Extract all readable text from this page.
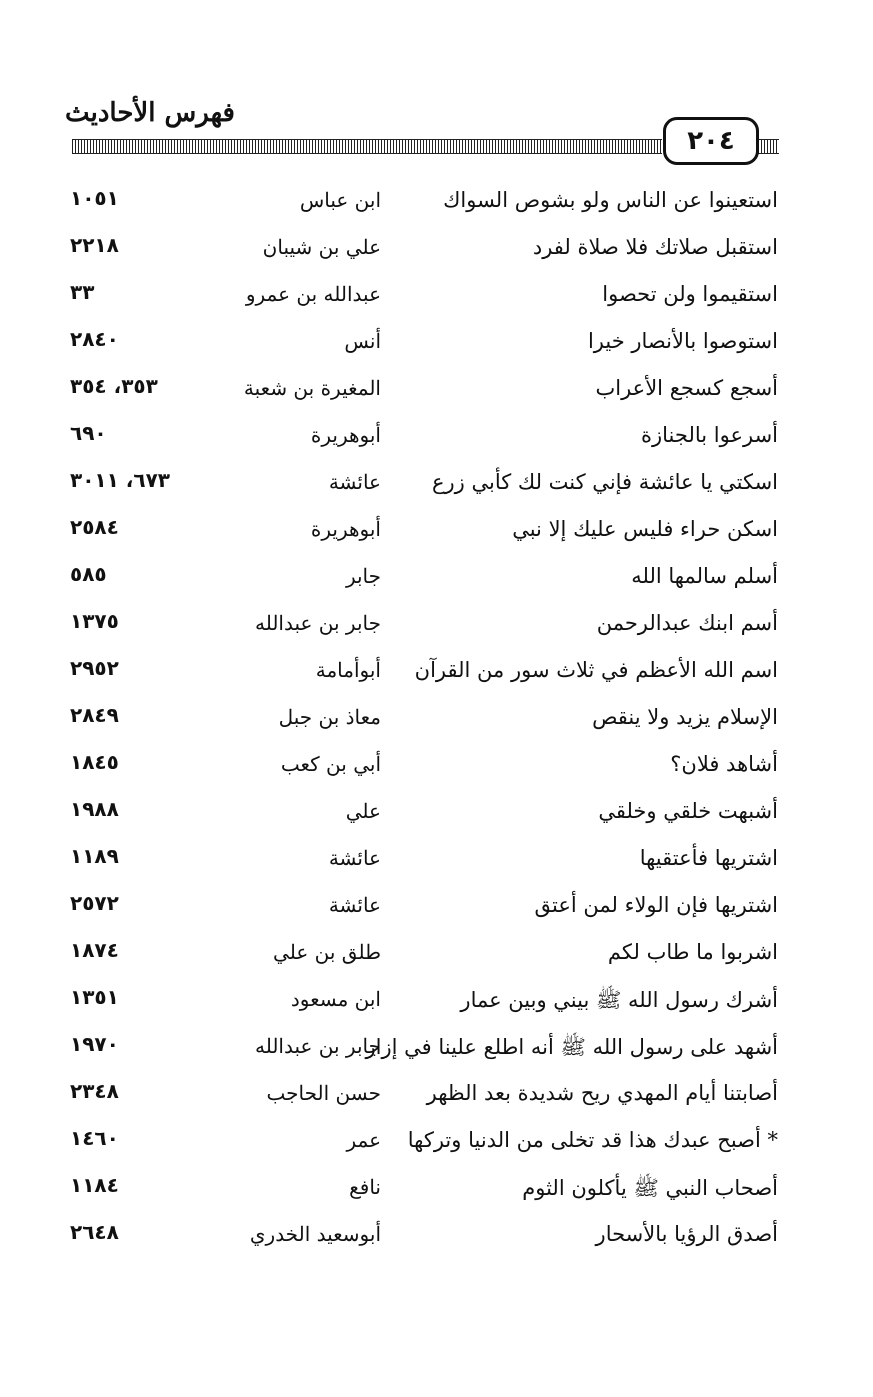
فهرس الأحاديث
٢٠٤
استعينوا عن الناس ولو بشوص السواك
ابن عباس
١٠٥١
استقبل صلاتك فلا صلاة لفرد
علي بن شيبان
٢٢١٨
استقيموا ولن تحصوا
عبدالله بن عمرو
٣٣
استوصوا بالأنصار خيرا
أنس
٢٨٤٠
أسجع كسجع الأعراب
المغيرة بن شعبة
٣٥٣، ٣٥٤
أسرعوا بالجنازة
أبوهريرة
٦٩٠
اسكتي يا عائشة فإني كنت لك كأبي زرع
عائشة
٦٧٣، ٣٠١١
اسكن حراء فليس عليك إلا نبي
أبوهريرة
٢٥٨٤
أسلم سالمها الله
جابر
٥٨٥
أسم ابنك عبدالرحمن
جابر بن عبدالله
١٣٧٥
اسم الله الأعظم في ثلاث سور من القرآن
أبوأمامة
٢٩٥٢
الإسلام يزيد ولا ينقص
معاذ بن جبل
٢٨٤٩
أشاهد فلان؟
أبي بن كعب
١٨٤٥
أشبهت خلقي وخلقي
علي
١٩٨٨
اشتريها فأعتقيها
عائشة
١١٨٩
اشتريها فإن الولاء لمن أعتق
عائشة
٢٥٧٢
اشربوا ما طاب لكم
طلق بن علي
١٨٧٤
أشرك رسول الله ﷺ بيني وبين عمار
ابن مسعود
١٣٥١
أشهد على رسول الله ﷺ أنه اطلع علينا في إزار
جابر بن عبدالله
١٩٧٠
أصابتنا أيام المهدي ريح شديدة بعد الظهر
حسن الحاجب
٢٣٤٨
* أصبح عبدك هذا قد تخلى من الدنيا وتركها
عمر
١٤٦٠
أصحاب النبي ﷺ يأكلون الثوم
نافع
١١٨٤
أصدق الرؤيا بالأسحار
أبوسعيد الخدري
٢٦٤٨
